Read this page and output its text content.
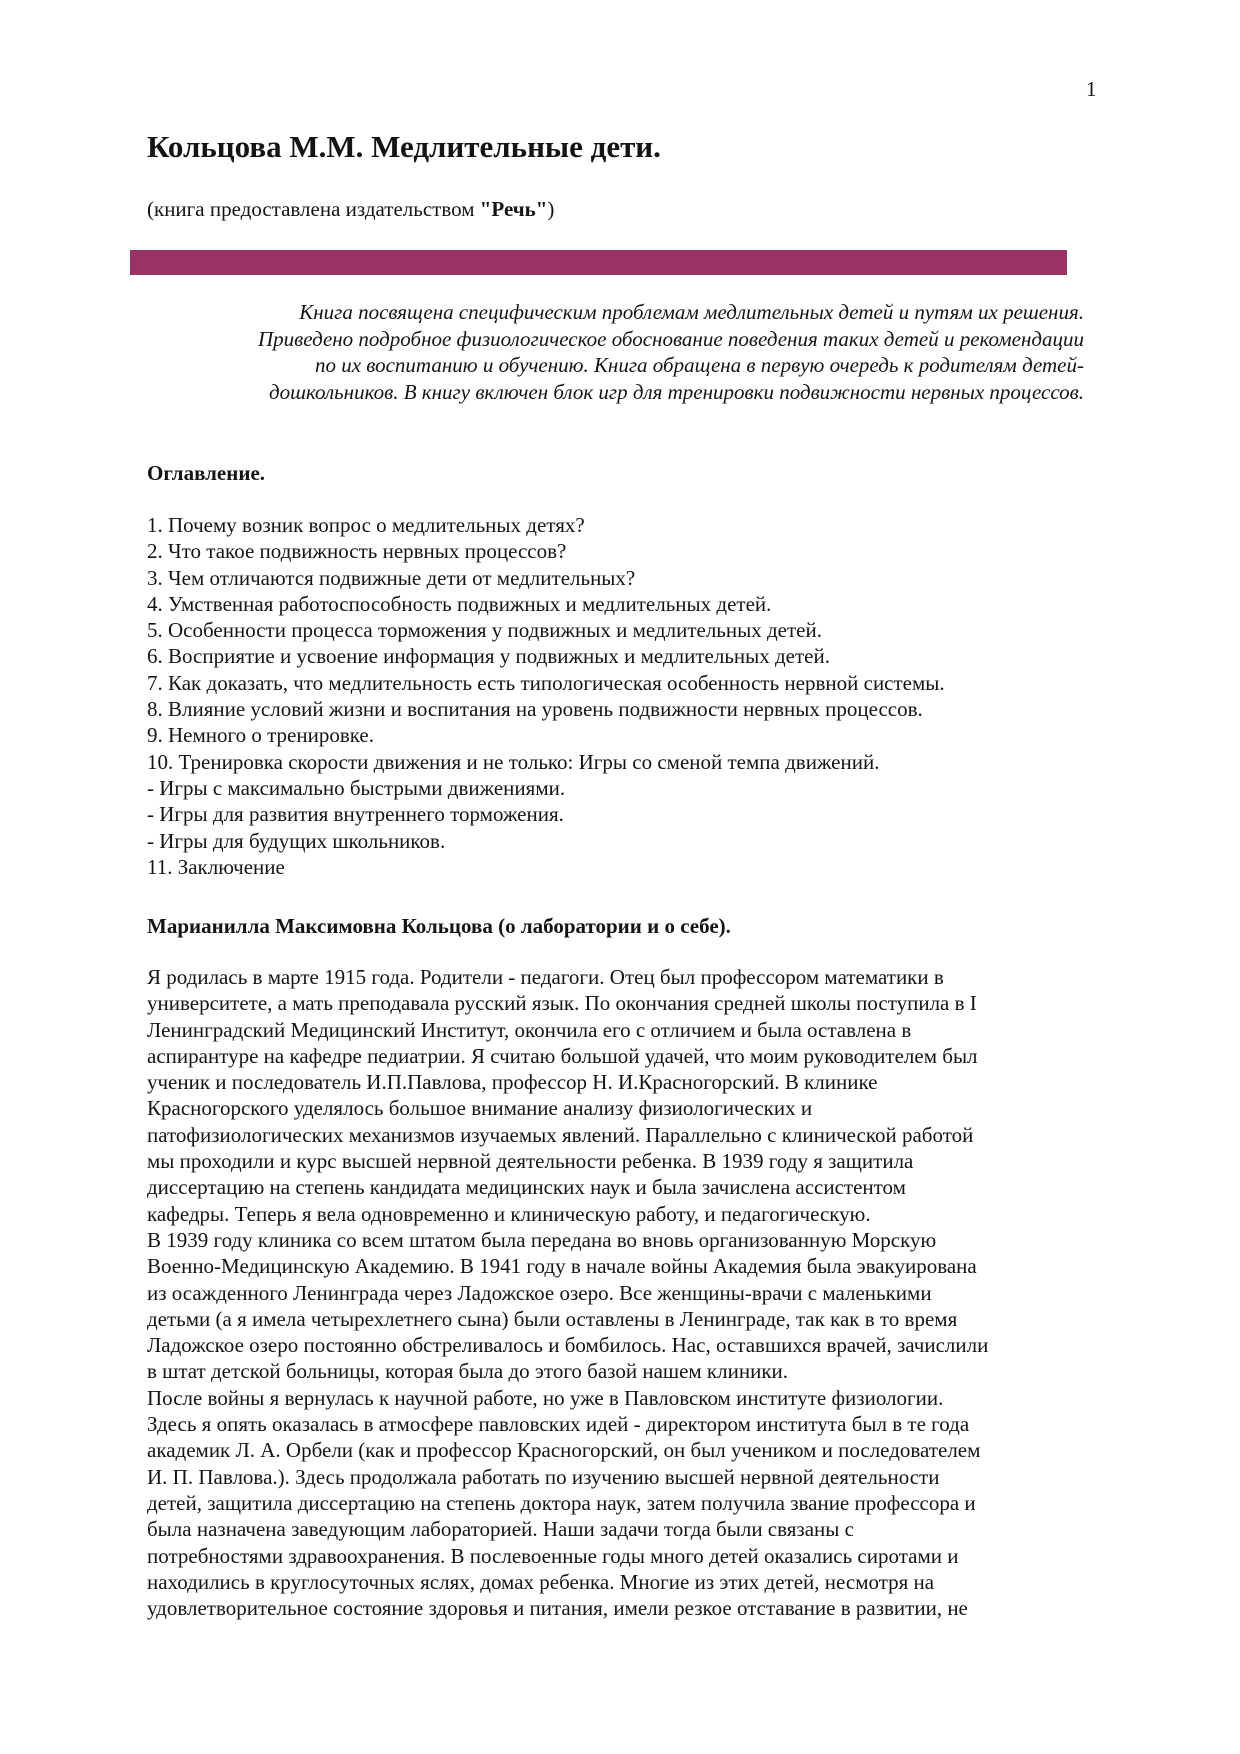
1
Кольцова М.М. Медлительные дети.
(книга предоставлена издательством "Речь")
Книга посвящена специфическим проблемам медлительных детей и путям их решения.
Приведено подробное физиологическое обоснование поведения таких детей и рекомендации
по их воспитанию и обучению. Книга обращена в первую очередь к родителям детей-
дошкольников. В книгу включен блок игр для тренировки подвижности нервных процессов.
Оглавление.
1. Почему возник вопрос о медлительных детях?
2. Что такое подвижность нервных процессов?
3. Чем отличаются подвижные дети от медлительных?
4. Умственная работоспособность подвижных и медлительных детей.
5. Особенности процесса торможения у подвижных и медлительных детей.
6. Восприятие и усвоение информация у подвижных и медлительных детей.
7. Как доказать, что медлительность есть типологическая особенность нервной системы.
8. Влияние условий жизни и воспитания на уровень подвижности нервных процессов.
9. Немного о тренировке.
10. Тренировка скорости движения и не только: Игры со сменой темпа движений.
- Игры с максимально быстрыми движениями.
- Игры для развития внутреннего торможения.
- Игры для будущих школьников.
11. Заключение
Марианилла Максимовна Кольцова (о лаборатории и о себе).
Я родилась в марте 1915 года. Родители - педагоги. Отец был профессором математики в
университете, а мать преподавала русский язык. По окончания средней школы поступила в I
Ленинградский Медицинский Институт, окончила его с отличием и была оставлена в
аспирантуре на кафедре педиатрии. Я считаю большой удачей, что моим руководителем был
ученик и последователь И.П.Павлова, профессор Н. И.Красногорский. В клинике
Красногорского уделялось большое внимание анализу физиологических и
патофизиологических механизмов изучаемых явлений. Параллельно с клинической работой
мы проходили и курс высшей нервной деятельности ребенка. В 1939 году я защитила
диссертацию на степень кандидата медицинских наук и была зачислена ассистентом
кафедры. Теперь я вела одновременно и клиническую работу, и педагогическую.
В 1939 году клиника со всем штатом была передана во вновь организованную Морскую
Военно-Медицинскую Академию. В 1941 году в начале войны Академия была эвакуирована
из осажденного Ленинграда через Ладожское озеро. Все женщины-врачи с маленькими
детьми (а я имела четырехлетнего сына) были оставлены в Ленинграде, так как в то время
Ладожское озеро постоянно обстреливалось и бомбилось. Нас, оставшихся врачей, зачислили
в штат детской больницы, которая была до этого базой нашем клиники.
После войны я вернулась к научной работе, но уже в Павловском институте физиологии.
Здесь я опять оказалась в атмосфере павловских идей - директором института был в те года
академик Л. А. Орбели (как и профессор Красногорский, он был учеником и последователем
И. П. Павлова.). Здесь продолжала работать по изучению высшей нервной деятельности
детей, защитила диссертацию на степень доктора наук, затем получила звание профессора и
была назначена заведующим лабораторией. Наши задачи тогда были связаны с
потребностями здравоохранения. В послевоенные годы много детей оказались сиротами и
находились в круглосуточных яслях, домах ребенка. Многие из этих детей, несмотря на
удовлетворительное состояние здоровья и питания, имели резкое отставание в развитии, не
